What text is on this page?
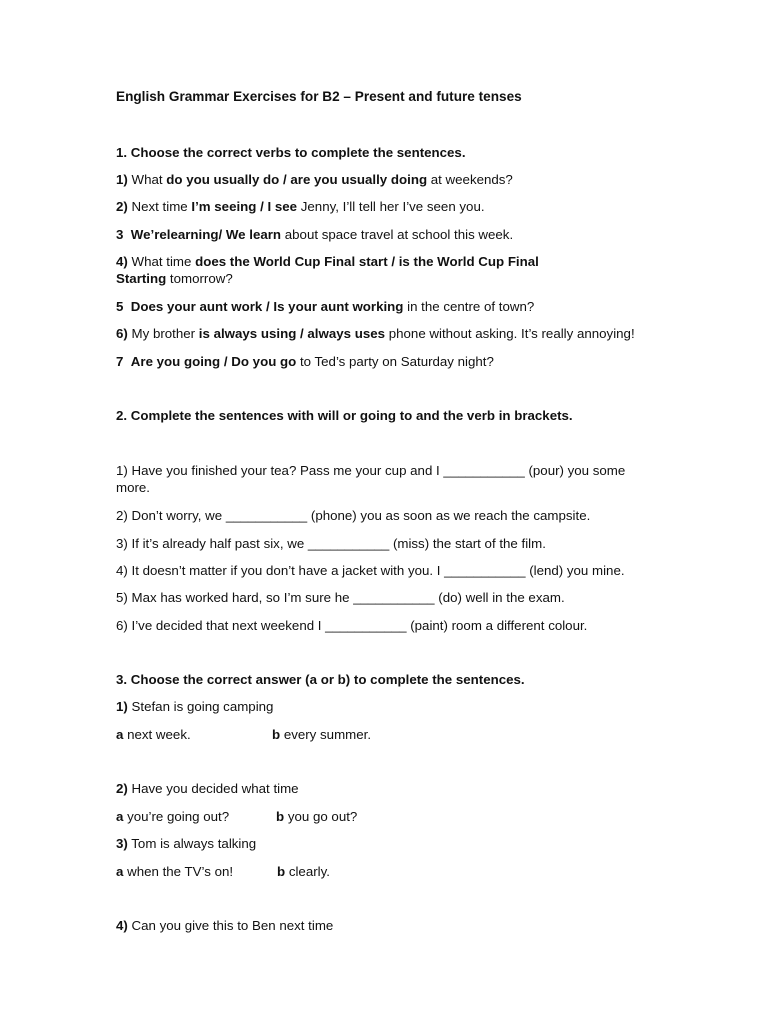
English Grammar Exercises for B2 – Present and future tenses

1. Choose the correct verbs to complete the sentences.

1) What do you usually do / are you usually doing at weekends?

2) Next time I’m seeing / I see Jenny, I’ll tell her I’ve seen you.

3 We’relearning/ We learn about space travel at school this week.

4) What time does the World Cup Final start / is the World Cup Final Starting tomorrow?

5 Does your aunt work / Is your aunt working in the centre of town?

6) My brother is always using / always uses phone without asking. It’s really annoying!

7 Are you going / Do you go to Ted’s party on Saturday night?

2. Complete the sentences with will or going to and the verb in brackets.

1) Have you finished your tea? Pass me your cup and I ___________ (pour) you some more.

2) Don’t worry, we ___________ (phone) you as soon as we reach the campsite.

3) If it’s already half past six, we ___________ (miss) the start of the film.

4) It doesn’t matter if you don’t have a jacket with you. I ___________ (lend) you mine.

5) Max has worked hard, so I’m sure he ___________ (do) well in the exam.

6) I’ve decided that next weekend I ___________ (paint) room a different colour.

3. Choose the correct answer (a or b) to complete the sentences.

1) Stefan is going camping

a next week.	b every summer.

2) Have you decided what time

a you’re going out?	b you go out?

3) Tom is always talking

a when the TV’s on!	b clearly.

4) Can you give this to Ben next time
